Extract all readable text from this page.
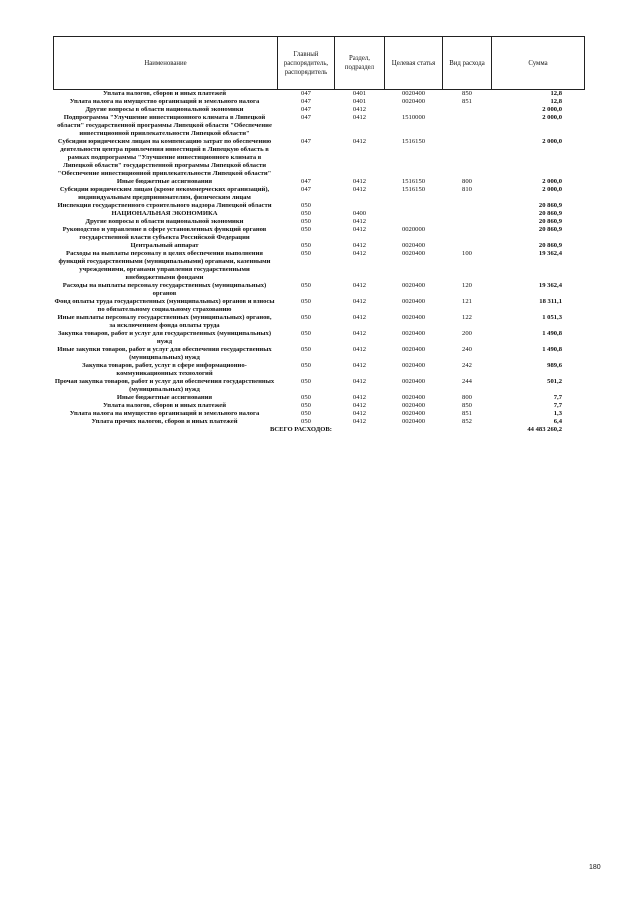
Наименование	Главный распорядитель, распорядитель	Раздел, подраздел	Целевая статья	Вид расхода	Сумма
Уплата налогов, сборов и иных платежей	047	0401	0020400	850	12,8
Уплата налога на имущество организаций и земельного налога	047	0401	0020400	851	12,8
Другие вопросы в области национальной экономики	047	0412			2 000,0
Подпрограмма "Улучшение инвестиционного климата в Липецкой области" государственной программы Липецкой области "Обеспечение инвестиционной привлекательности Липецкой области"	047	0412	1510000		2 000,0
Субсидии юридическим лицам на компенсацию затрат по обеспечению деятельности центра привлечения инвестиций в Липецкую область в рамках подпрограммы "Улучшение инвестиционного климата в Липецкой области" государственной программы Липецкой области "Обеспечение инвестиционной привлекательности Липецкой области"	047	0412	1516150		2 000,0
Иные бюджетные ассигнования	047	0412	1516150	800	2 000,0
Субсидии юридическим лицам (кроме некоммерческих организаций), индивидуальным предпринимателям, физическим лицам	047	0412	1516150	810	2 000,0
Инспекция государственного строительного надзора Липецкой области	050				20 860,9
НАЦИОНАЛЬНАЯ ЭКОНОМИКА	050	0400			20 860,9
Другие вопросы в области национальной экономики	050	0412			20 860,9
Руководство и управление в сфере установленных функций органов государственной власти субъекта Российской Федерации	050	0412	0020000		20 860,9
Центральный аппарат	050	0412	0020400		20 860,9
Расходы на выплаты персоналу в целях обеспечения выполнения функций государственными (муниципальными) органами, казенными учреждениями, органами управления государственными внебюджетными фондами	050	0412	0020400	100	19 362,4
Расходы на выплаты персоналу государственных (муниципальных) органов	050	0412	0020400	120	19 362,4
Фонд оплаты труда государственных (муниципальных) органов и взносы по обязательному социальному страхованию	050	0412	0020400	121	18 311,1
Иные выплаты персоналу государственных (муниципальных) органов, за исключением фонда оплаты труда	050	0412	0020400	122	1 051,3
Закупка товаров, работ и услуг для государственных (муниципальных) нужд	050	0412	0020400	200	1 490,8
Иные закупки товаров, работ и услуг для обеспечения государственных (муниципальных) нужд	050	0412	0020400	240	1 490,8
Закупка товаров, работ, услуг в сфере информационно-коммуникационных технологий	050	0412	0020400	242	989,6
Прочая закупка товаров, работ и услуг для обеспечения государственных (муниципальных) нужд	050	0412	0020400	244	501,2
Иные бюджетные ассигнования	050	0412	0020400	800	7,7
Уплата налогов, сборов и иных платежей	050	0412	0020400	850	7,7
Уплата налога на имущество организаций и земельного налога	050	0412	0020400	851	1,3
Уплата прочих налогов, сборов и иных платежей	050	0412	0020400	852	6,4
ВСЕГО РАСХОДОВ:					44 483 260,2
180
